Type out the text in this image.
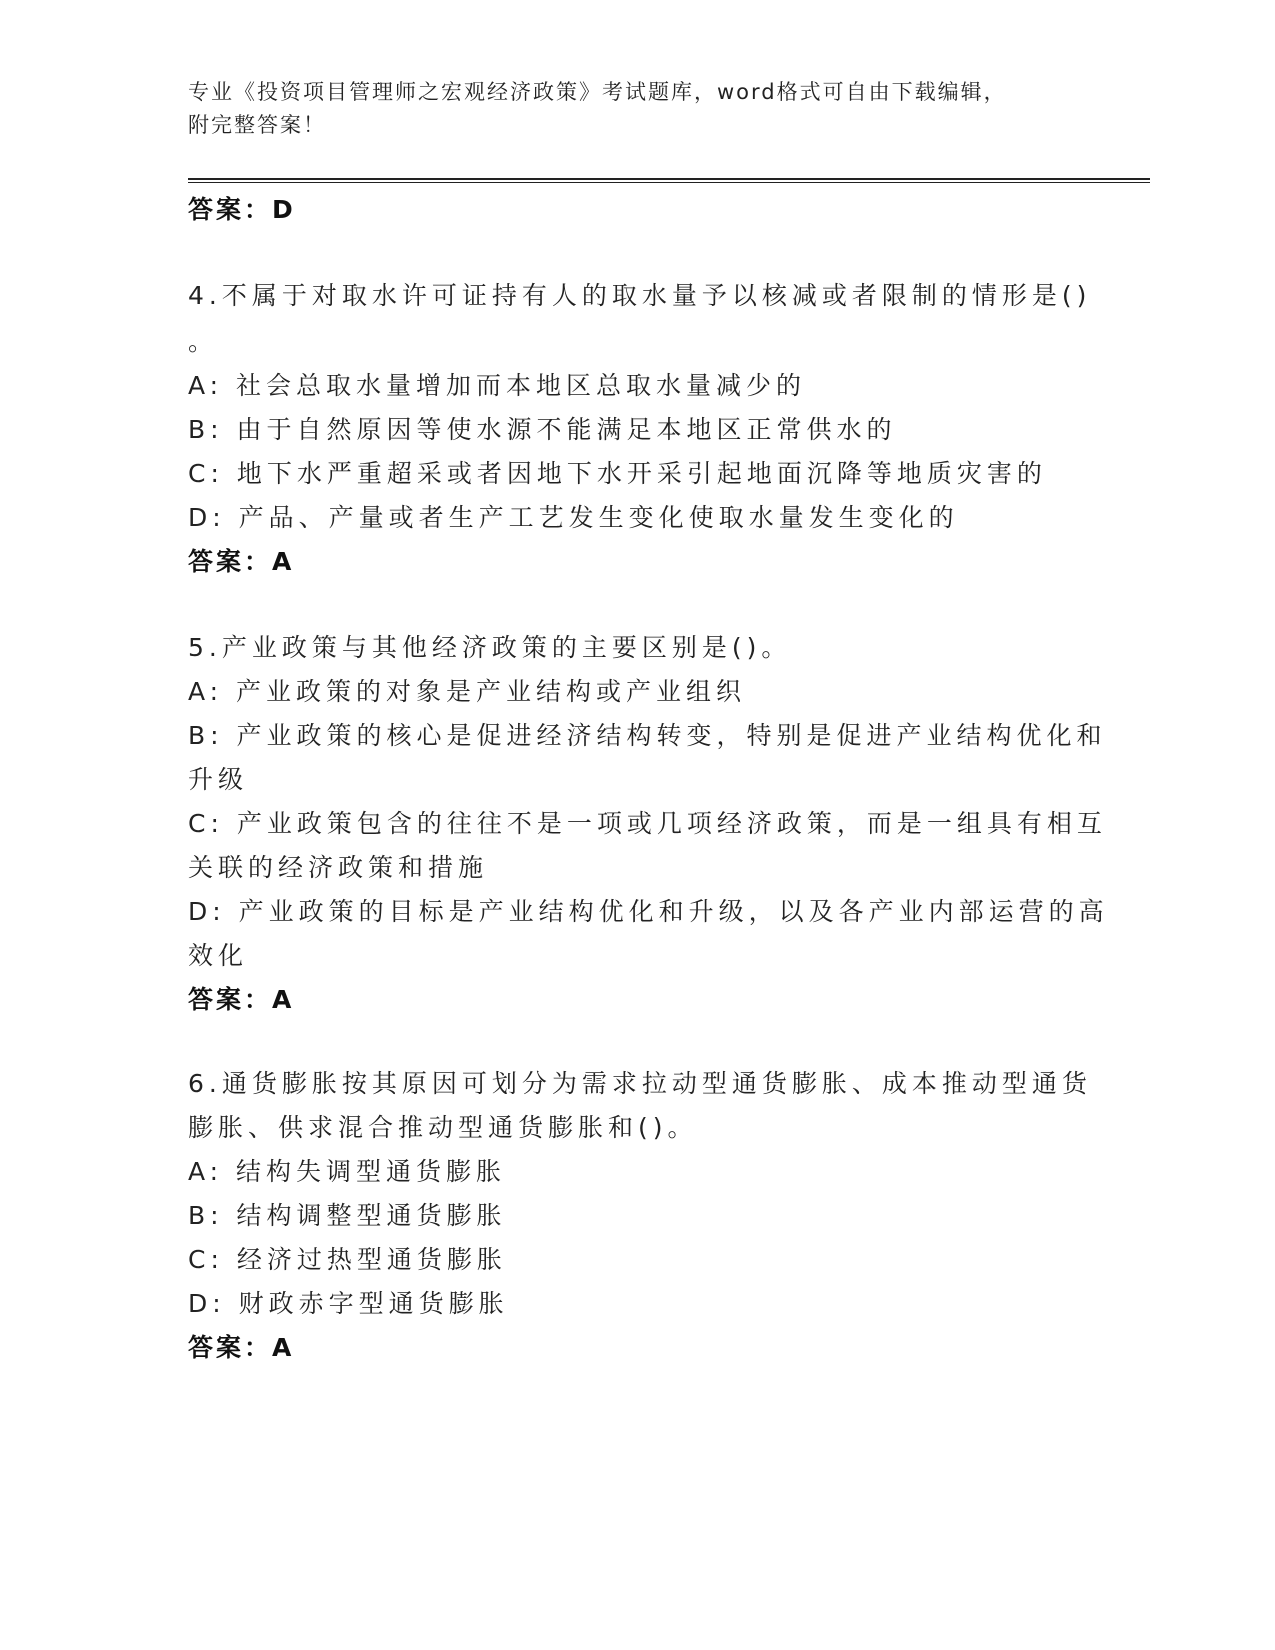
专业《投资项目管理师之宏观经济政策》考试题库，word格式可自由下载编辑，
附完整答案！
答案：D
4.不属于对取水许可证持有人的取水量予以核减或者限制的情形是()
。
A: 社会总取水量增加而本地区总取水量减少的
B: 由于自然原因等使水源不能满足本地区正常供水的
C: 地下水严重超采或者因地下水开采引起地面沉降等地质灾害的
D: 产品、产量或者生产工艺发生变化使取水量发生变化的
答案：A
5.产业政策与其他经济政策的主要区别是()。
A: 产业政策的对象是产业结构或产业组织
B: 产业政策的核心是促进经济结构转变，特别是促进产业结构优化和
升级
C: 产业政策包含的往往不是一项或几项经济政策，而是一组具有相互
关联的经济政策和措施
D: 产业政策的目标是产业结构优化和升级，以及各产业内部运营的高
效化
答案：A
6.通货膨胀按其原因可划分为需求拉动型通货膨胀、成本推动型通货
膨胀、供求混合推动型通货膨胀和()。
A: 结构失调型通货膨胀
B: 结构调整型通货膨胀
C: 经济过热型通货膨胀
D: 财政赤字型通货膨胀
答案：A
